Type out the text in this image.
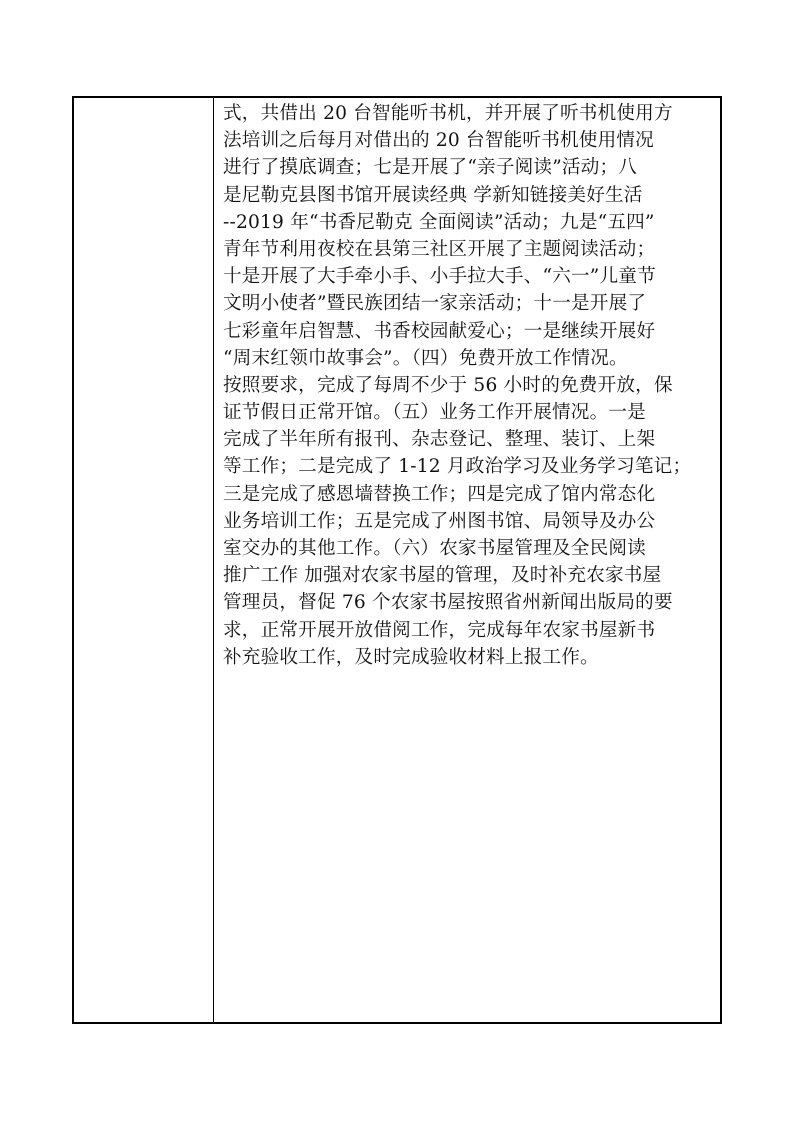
式，共借出 20 台智能听书机，并开展了听书机使用方
法培训之后每月对借出的 20 台智能听书机使用情况
进行了摸底调查；七是开展了“亲子阅读”活动；八
是尼勒克县图书馆开展读经典 学新知链接美好生活
--2019 年“书香尼勒克 全面阅读”活动；九是“五四”
青年节利用夜校在县第三社区开展了主题阅读活动；
十是开展了大手牵小手、小手拉大手、“六一”儿童节
文明小使者”暨民族团结一家亲活动；十一是开展了
七彩童年启智慧、书香校园献爱心；一是继续开展好
“周末红领巾故事会”。（四）免费开放工作情况。
按照要求，完成了每周不少于 56 小时的免费开放，保
证节假日正常开馆。（五）业务工作开展情况。一是
完成了半年所有报刊、杂志登记、整理、装订、上架
等工作；二是完成了 1-12 月政治学习及业务学习笔记；
三是完成了感恩墙替换工作；四是完成了馆内常态化
业务培训工作；五是完成了州图书馆、局领导及办公
室交办的其他工作。（六）农家书屋管理及全民阅读
推广工作 加强对农家书屋的管理，及时补充农家书屋
管理员，督促 76 个农家书屋按照省州新闻出版局的要
求，正常开展开放借阅工作，完成每年农家书屋新书
补充验收工作，及时完成验收材料上报工作。
